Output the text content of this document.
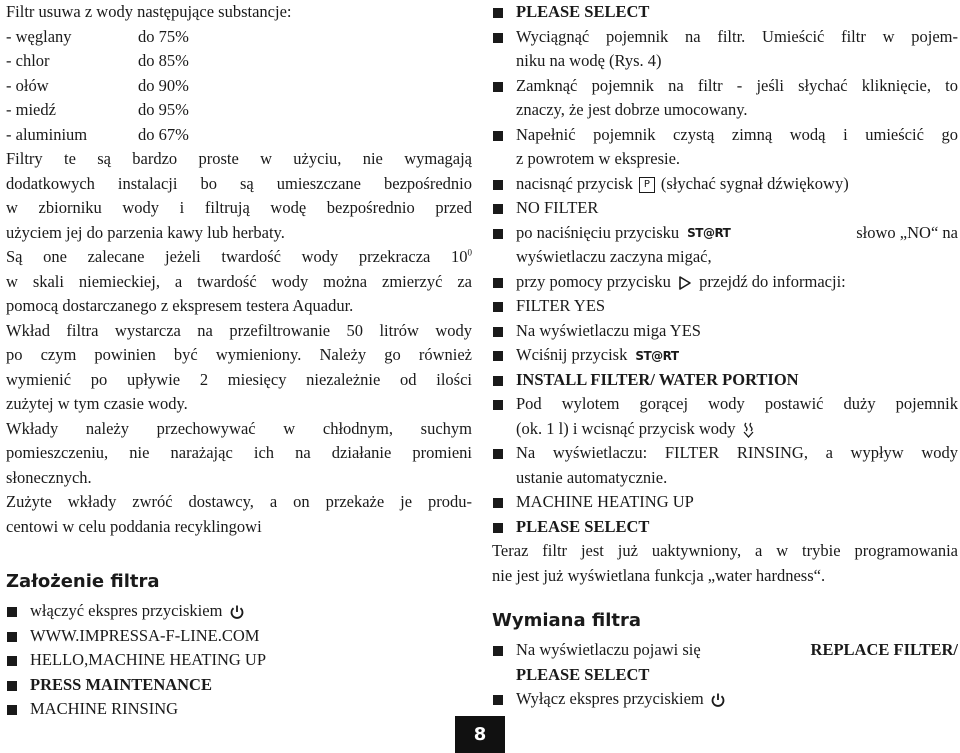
Filtr usuwa z wody następujące substancje:
- węglany	do 75%
- chlor	do 85%
- ołów	do 90%
- miedź	do 95%
- aluminium	do 67%
Filtry te są bardzo proste w użyciu, nie wymagają
dodatkowych instalacji bo są umieszczane bezpośrednio
w zbiorniku wody i filtrują wodę bezpośrednio przed
użyciem jej do parzenia kawy lub herbaty.
Są one zalecane jeżeli twardość wody przekracza $10^0$
w skali niemieckiej, a twardość wody można zmierzyć za
pomocą dostarczanego z ekspresem testera Aquadur.
Wkład filtra wystarcza na przefiltrowanie 50 litrów wody
po czym powinien być wymieniony. Należy go również
wymienić po upływie 2 miesięcy niezależnie od ilości
zużytej w tym czasie wody.
Wkłady należy przechowywać w chłodnym, suchym
pomieszczeniu, nie narażając ich na działanie promieni
słonecznych.
Zużyte wkłady zwróć dostawcy, a on przekaże je produ-
centowi w celu poddania recyklingowi
Założenie filtra
włączyć ekspres przyciskiem
WWW.IMPRESSA-F-LINE.COM
HELLO,MACHINE HEATING UP
PRESS MAINTENANCE
MACHINE RINSING
PLEASE SELECT
Wyciągnąć pojemnik na filtr. Umieścić filtr w pojem-
niku na wodę (Rys. 4)
Zamknąć pojemnik na filtr - jeśli słychać kliknięcie, to
znaczy, że jest dobrze umocowany.
Napełnić pojemnik czystą zimną wodą i umieścić go
z powrotem w ekspresie.
nacisnąć przycisk P (słychać sygnał dźwiękowy)
NO FILTER
po naciśnięciu przycisku ST@RT	słowo „NO“ na
wyświetlaczu zaczyna migać,
przy pomocy przycisku przejdź do informacji:
FILTER YES
Na wyświetlaczu miga YES
Wciśnij przycisk ST@RT
INSTALL FILTER/ WATER PORTION
Pod wylotem gorącej wody postawić duży pojemnik
(ok. 1 l) i wcisnąć przycisk wody
Na wyświetlaczu: FILTER RINSING, a wypływ wody
ustanie automatycznie.
MACHINE HEATING UP
PLEASE SELECT
Teraz filtr jest już uaktywniony, a w trybie programowania
nie jest już wyświetlana funkcja „water hardness“.
Wymiana filtra
Na wyświetlaczu pojawi się	REPLACE FILTER/
PLEASE SELECT
Wyłącz ekspres przyciskiem
8
